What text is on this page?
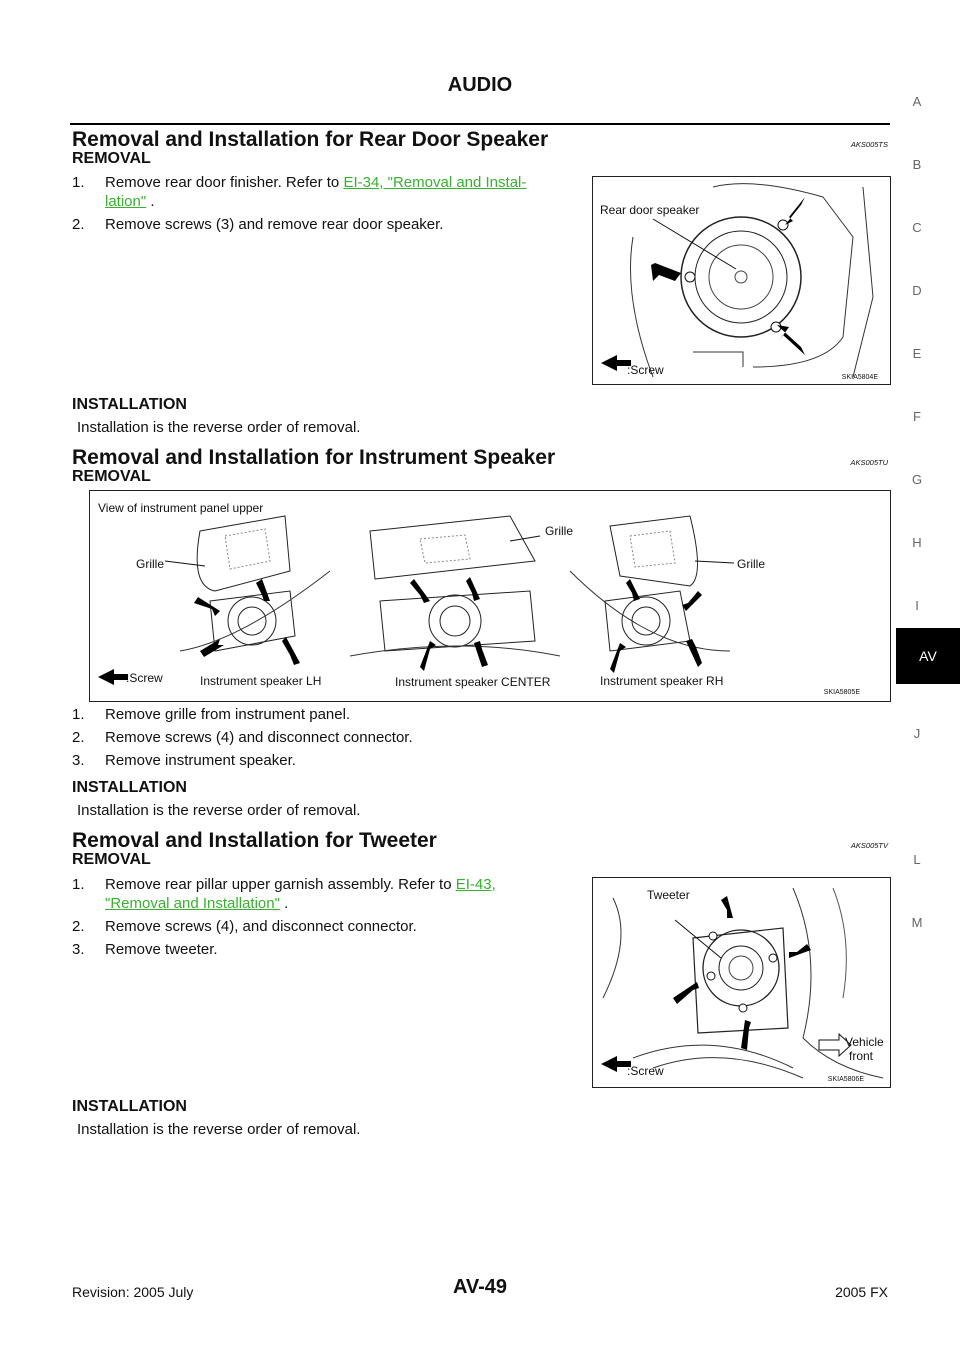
AUDIO
A
B
C
D
E
F
G
H
I
J
AV
L
M
Removal and Installation for Rear Door Speaker	AKS005TS
REMOVAL
1. Remove rear door finisher. Refer to EI-34, "Removal and Instal-
lation" .
2. Remove screws (3) and remove rear door speaker.
Rear door speaker
:Screw
SKIA5804E
INSTALLATION
Installation is the reverse order of removal.
Removal and Installation for Instrument Speaker	AKS005TU
REMOVAL
View of instrument panel upper
Grille
Grille
Grille
:Screw	Instrument speaker LH	Instrument speaker CENTER	Instrument speaker RH
SKIA5805E
1. Remove grille from instrument panel.
2. Remove screws (4) and disconnect connector.
3. Remove instrument speaker.
INSTALLATION
Installation is the reverse order of removal.
Removal and Installation for Tweeter	AKS005TV
REMOVAL
1. Remove rear pillar upper garnish assembly. Refer to EI-43,
"Removal and Installation" .
2. Remove screws (4), and disconnect connector.
3. Remove tweeter.
Tweeter
Vehicle
front
:Screw
SKIA5806E
INSTALLATION
Installation is the reverse order of removal.
Revision: 2005 July	AV-49	2005 FX
